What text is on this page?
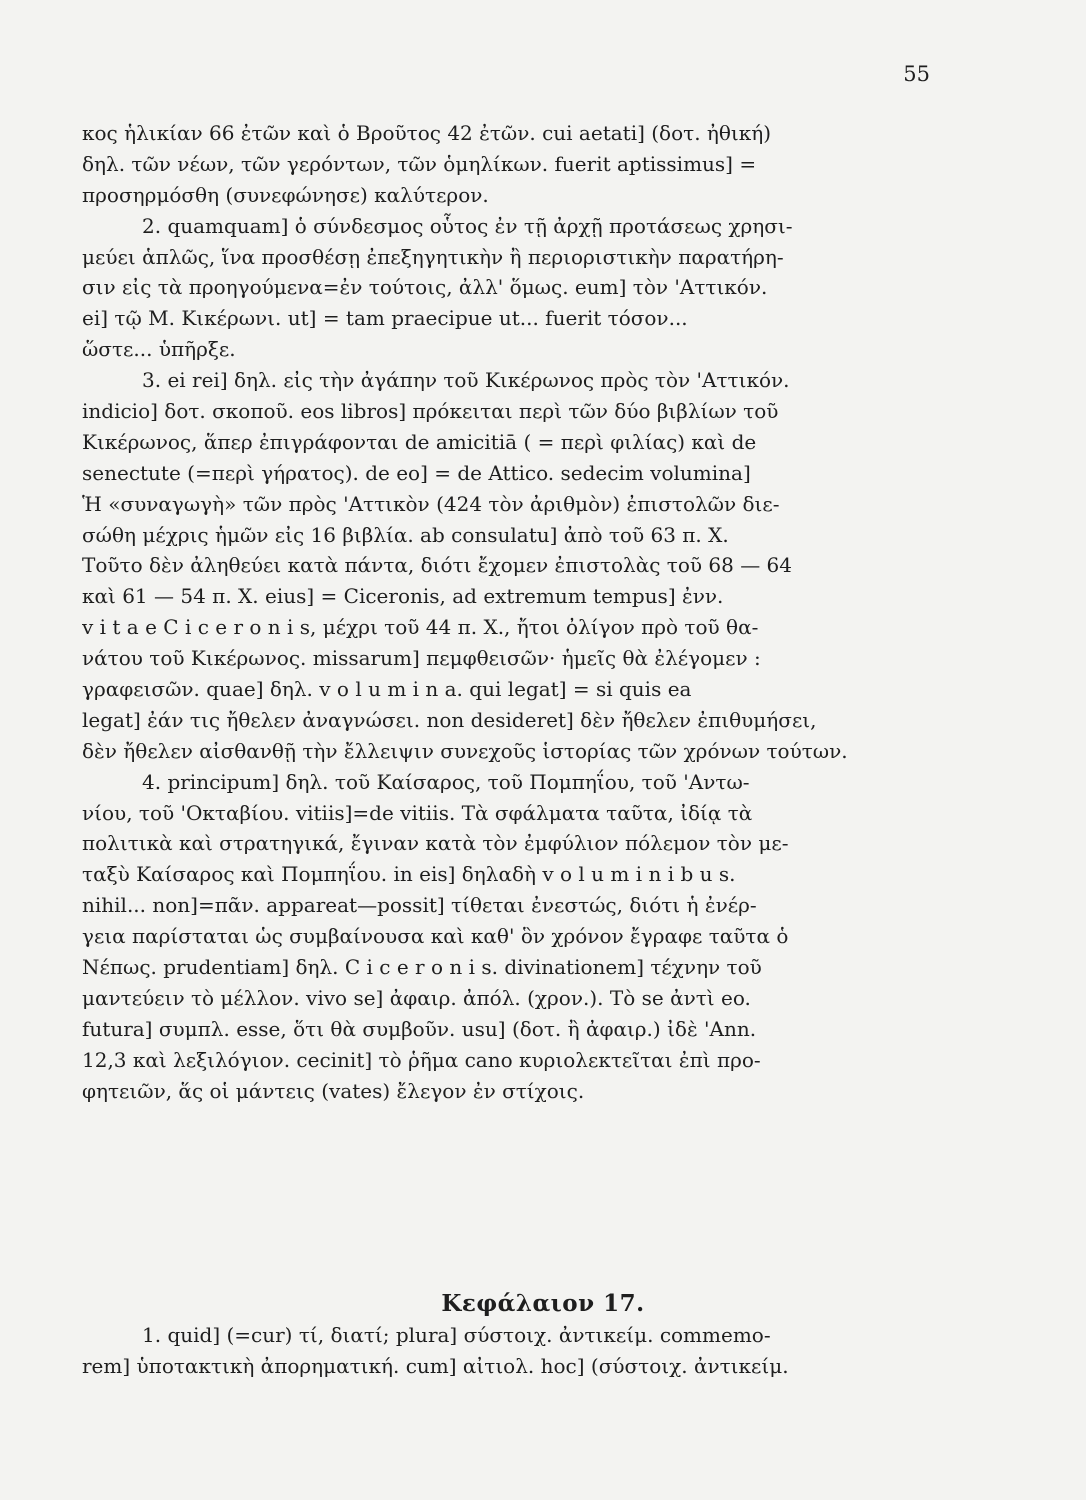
55
κος ἡλικίαν 66 ἐτῶν καὶ ὁ Βροῦτος 42 ἐτῶν. cui aetati] (δοτ. ἠθική)
δηλ. τῶν νέων, τῶν γερόντων, τῶν ὁμηλίκων. fuerit aptissimus] =
προσηρμόσθη (συνεφώνησε) καλύτερον.
2. quamquam] ὁ σύνδεσμος οὗτος ἐν τῇ ἀρχῇ προτάσεως χρησι-
μεύει ἁπλῶς, ἵνα προσθέσῃ ἐπεξηγητικὴν ἢ περιοριστικὴν παρατήρη-
σιν εἰς τὰ προηγούμενα=ἐν τούτοις, ἀλλ' ὅμως. eum] τὸν 'Αττικόν.
ei] τῷ Μ. Κικέρωνι. ut] = tam praecipue ut... fuerit τόσον...
ὥστε... ὑπῆρξε.
3. ei rei] δηλ. εἰς τὴν ἀγάπην τοῦ Κικέρωνος πρὸς τὸν 'Αττικόν.
indicio] δοτ. σκοποῦ. eos libros] πρόκειται περὶ τῶν δύο βιβλίων τοῦ
Κικέρωνος, ἅπερ ἐπιγράφονται de amicitiā ( = περὶ φιλίας) καὶ de
senectute (=περὶ γήρατος). de eo] = de Attico. sedecim volumina]
Ἡ «συναγωγὴ» τῶν πρὸς 'Αττικὸν (424 τὸν ἀριθμὸν) ἐπιστολῶν διε-
σώθη μέχρις ἡμῶν εἰς 16 βιβλία. ab consulatu] ἀπὸ τοῦ 63 π. Χ.
Τοῦτο δὲν ἀληθεύει κατὰ πάντα, διότι ἔχομεν ἐπιστολὰς τοῦ 68 — 64
καὶ 61 — 54 π. Χ. eius] = Ciceronis, ad extremum tempus] ἐνν.
v i t a e C i c e r o n i s, μέχρι τοῦ 44 π. Χ., ἤτοι ὀλίγον πρὸ τοῦ θα-
νάτου τοῦ Κικέρωνος. missarum] πεμφθεισῶν· ἡμεῖς θὰ ἐλέγομεν :
γραφεισῶν. quae] δηλ. v o l u m i n a. qui legat] = si quis ea
legat] ἐάν τις ἤθελεν ἀναγνώσει. non desideret] δὲν ἤθελεν ἐπιθυμήσει,
δὲν ἤθελεν αἰσθανθῇ τὴν ἔλλειψιν συνεχοῦς ἱστορίας τῶν χρόνων τούτων.
4. principum] δηλ. τοῦ Καίσαρος, τοῦ Πομπηΐου, τοῦ 'Αντω-
νίου, τοῦ 'Οκταβίου. vitiis]=de vitiis. Τὰ σφάλματα ταῦτα, ἰδίᾳ τὰ
πολιτικὰ καὶ στρατηγικά, ἔγιναν κατὰ τὸν ἐμφύλιον πόλεμον τὸν με-
ταξὺ Καίσαρος καὶ Πομπηΐου. in eis] δηλαδὴ v o l u m i n i b u s.
nihil... non]=πᾶν. appareat—possit] τίθεται ἐνεστώς, διότι ἡ ἐνέρ-
γεια παρίσταται ὡς συμβαίνουσα καὶ καθ' ὃν χρόνον ἔγραφε ταῦτα ὁ
Νέπως. prudentiam] δηλ. C i c e r o n i s. divinationem] τέχνην τοῦ
μαντεύειν τὸ μέλλον. vivo se] ἀφαιρ. ἀπόλ. (χρον.). Τὸ se ἀντὶ eo.
futura] συμπλ. esse, ὅτι θὰ συμβοῦν. usu] (δοτ. ἢ ἀφαιρ.) ἰδὲ 'Ann.
12,3 καὶ λεξιλόγιον. cecinit] τὸ ῥῆμα cano κυριολεκτεῖται ἐπὶ προ-
φητειῶν, ἅς οἱ μάντεις (vates) ἔλεγον ἐν στίχοις.
Κεφάλαιον 17.
1. quid] (=cur) τί, διατί; plura] σύστοιχ. ἀντικείμ. commemo-
rem] ὑποτακτικὴ ἀπορηματική. cum] αἰτιολ. hoc] (σύστοιχ. ἀντικείμ.
